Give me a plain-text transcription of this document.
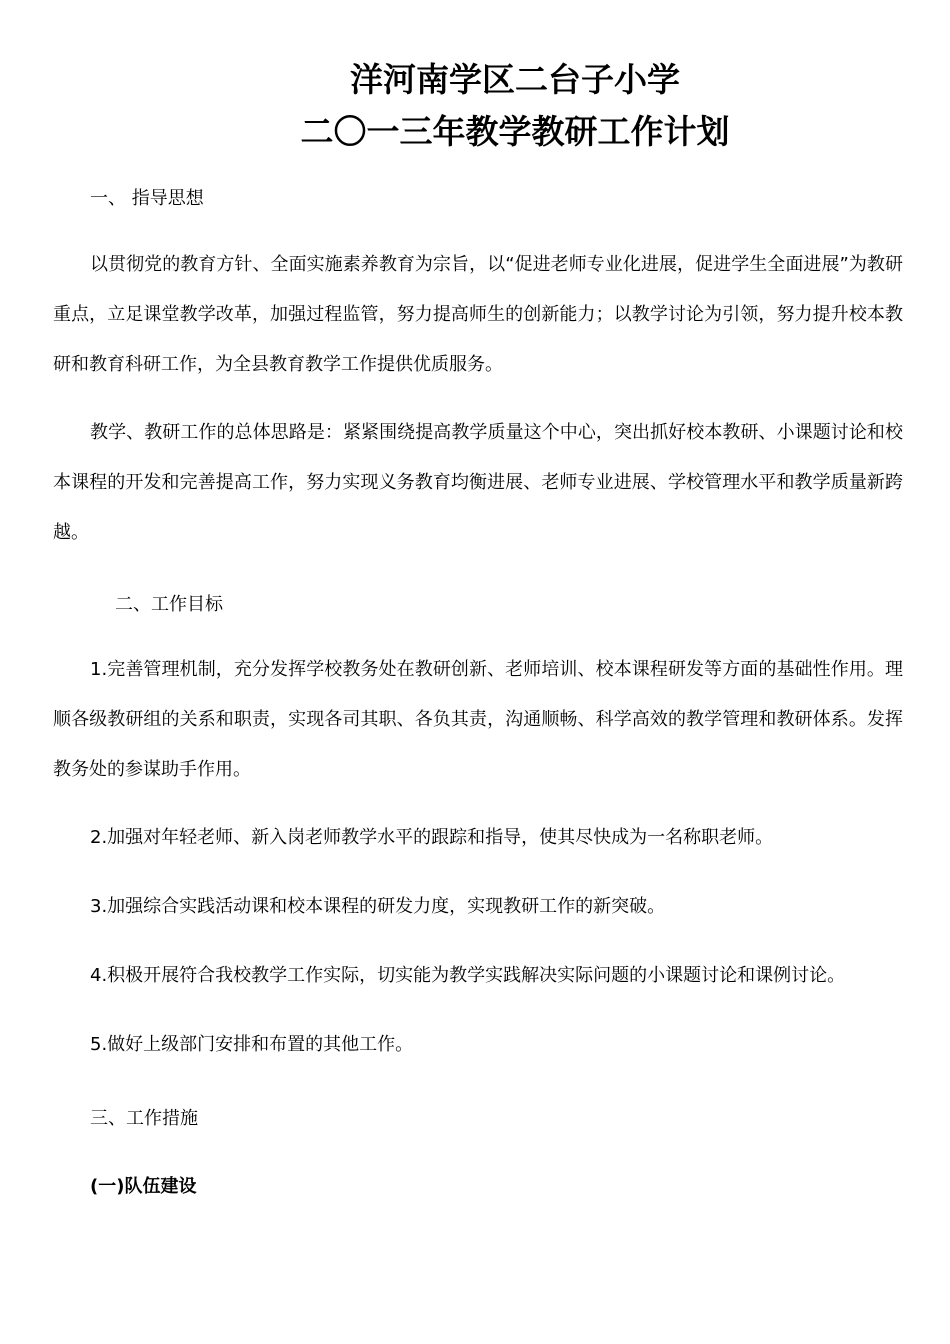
洋河南学区二台子小学
二〇一三年教学教研工作计划
一、 指导思想
以贯彻党的教育方针、全面实施素养教育为宗旨，以“促进老师专业化进展，促进学生全面进展”为教研重点，立足课堂教学改革，加强过程监管，努力提高师生的创新能力；以教学讨论为引领，努力提升校本教研和教育科研工作，为全县教育教学工作提供优质服务。
教学、教研工作的总体思路是：紧紧围绕提高教学质量这个中心，突出抓好校本教研、小课题讨论和校本课程的开发和完善提高工作，努力实现义务教育均衡进展、老师专业进展、学校管理水平和教学质量新跨越。
二、工作目标
1.完善管理机制，充分发挥学校教务处在教研创新、老师培训、校本课程研发等方面的基础性作用。理顺各级教研组的关系和职责，实现各司其职、各负其责，沟通顺畅、科学高效的教学管理和教研体系。发挥教务处的参谋助手作用。
2.加强对年轻老师、新入岗老师教学水平的跟踪和指导，使其尽快成为一名称职老师。
3.加强综合实践活动课和校本课程的研发力度，实现教研工作的新突破。
4.积极开展符合我校教学工作实际，切实能为教学实践解决实际问题的小课题讨论和课例讨论。
5.做好上级部门安排和布置的其他工作。
三、工作措施
(一)队伍建设
